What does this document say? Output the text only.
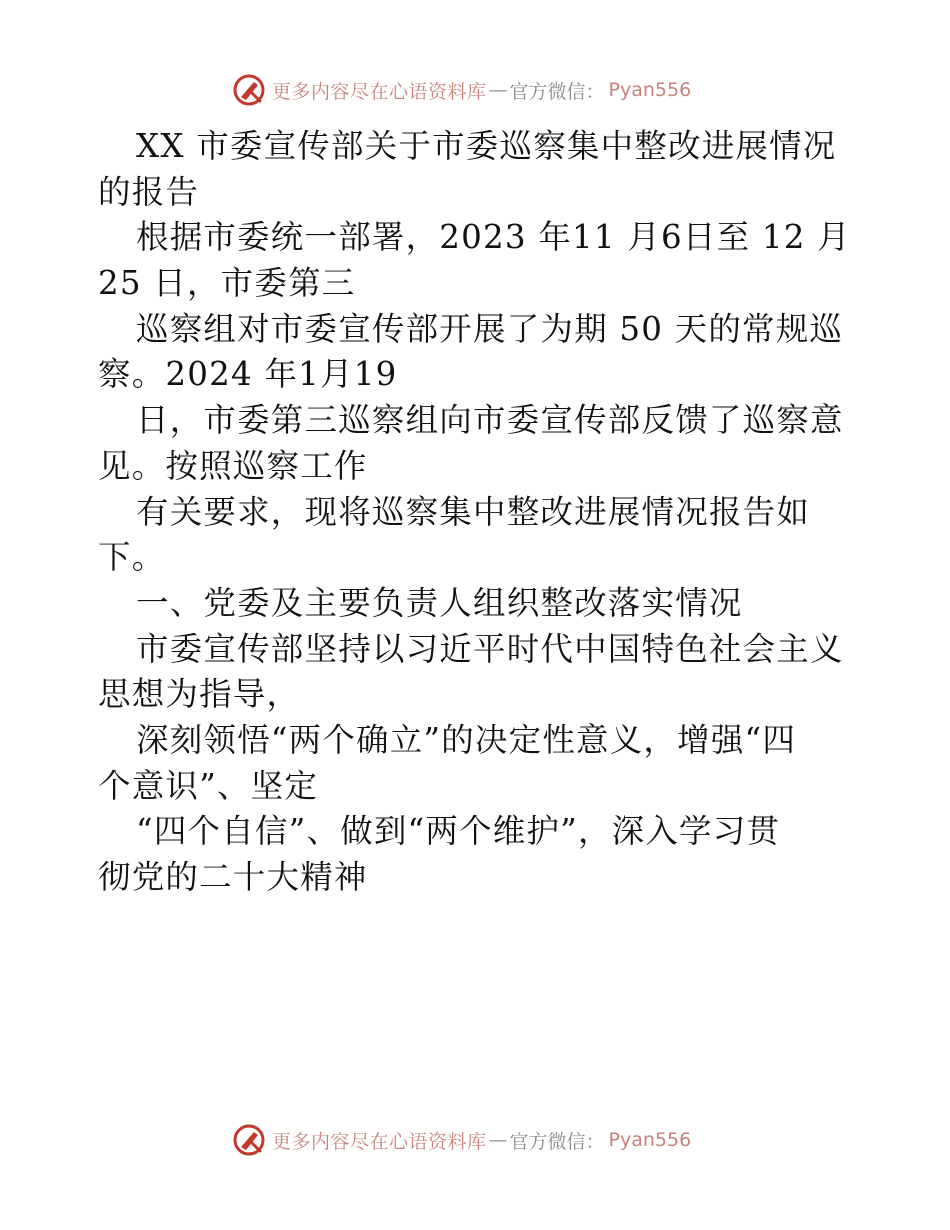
更多内容尽在心语资料库 — 官方微信： Pyan556
XX 市委宣传部关于市委巡察集中整改进展情况
的报告
根据市委统一部署，2023 年11 月6日至 12 月
25 日，市委第三
巡察组对市委宣传部开展了为期 50 天的常规巡
察。2024 年1月19
日，市委第三巡察组向市委宣传部反馈了巡察意
见。按照巡察工作
有关要求，现将巡察集中整改进展情况报告如
下。
一、党委及主要负责人组织整改落实情况
市委宣传部坚持以习近平时代中国特色社会主义
思想为指导，
深刻领悟“两个确立”的决定性意义，增强“四
个意识”、坚定
“四个自信”、做到“两个维护”，深入学习贯
彻党的二十大精神
更多内容尽在心语资料库 — 官方微信： Pyan556
